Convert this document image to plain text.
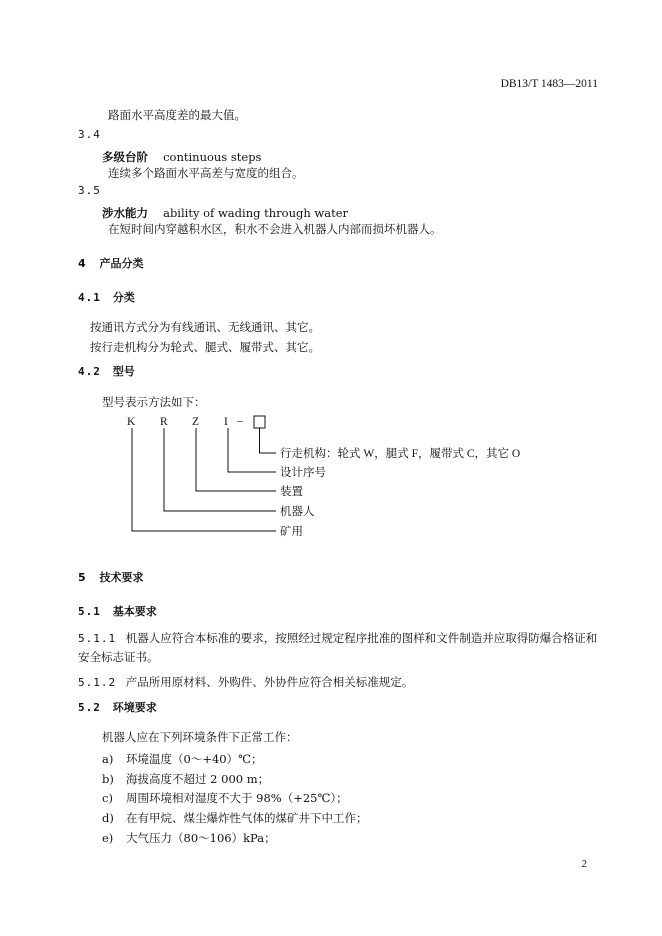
DB13/T 1483—2011
路面水平高度差的最大值。
3.4
多级台阶 continuous steps
连续多个路面水平高差与宽度的组合。
3.5
涉水能力 ability of wading through water
在短时间内穿越积水区，积水不会进入机器人内部而损坏机器人。
4 产品分类
4.1 分类
按通讯方式分为有线通讯、无线通讯、其它。
按行走机构分为轮式、腿式、履带式、其它。
4.2 型号
型号表示方法如下：
K R Z I –
行走机构：轮式 W，腿式 F，履带式 C，其它 O
设计序号
装置
机器人
矿用
5 技术要求
5.1 基本要求
5.1.1 机器人应符合本标准的要求，按照经过规定程序批准的图样和文件制造并应取得防爆合格证和
安全标志证书。
5.1.2 产品所用原材料、外购件、外协件应符合相关标准规定。
5.2 环境要求
机器人应在下列环境条件下正常工作：
a) 环境温度（0～+40）℃；
b) 海拔高度不超过 2 000 m；
c) 周围环境相对湿度不大于 98%（+25℃）；
d) 在有甲烷、煤尘爆炸性气体的煤矿井下中工作；
e) 大气压力（80～106）kPa；
2
